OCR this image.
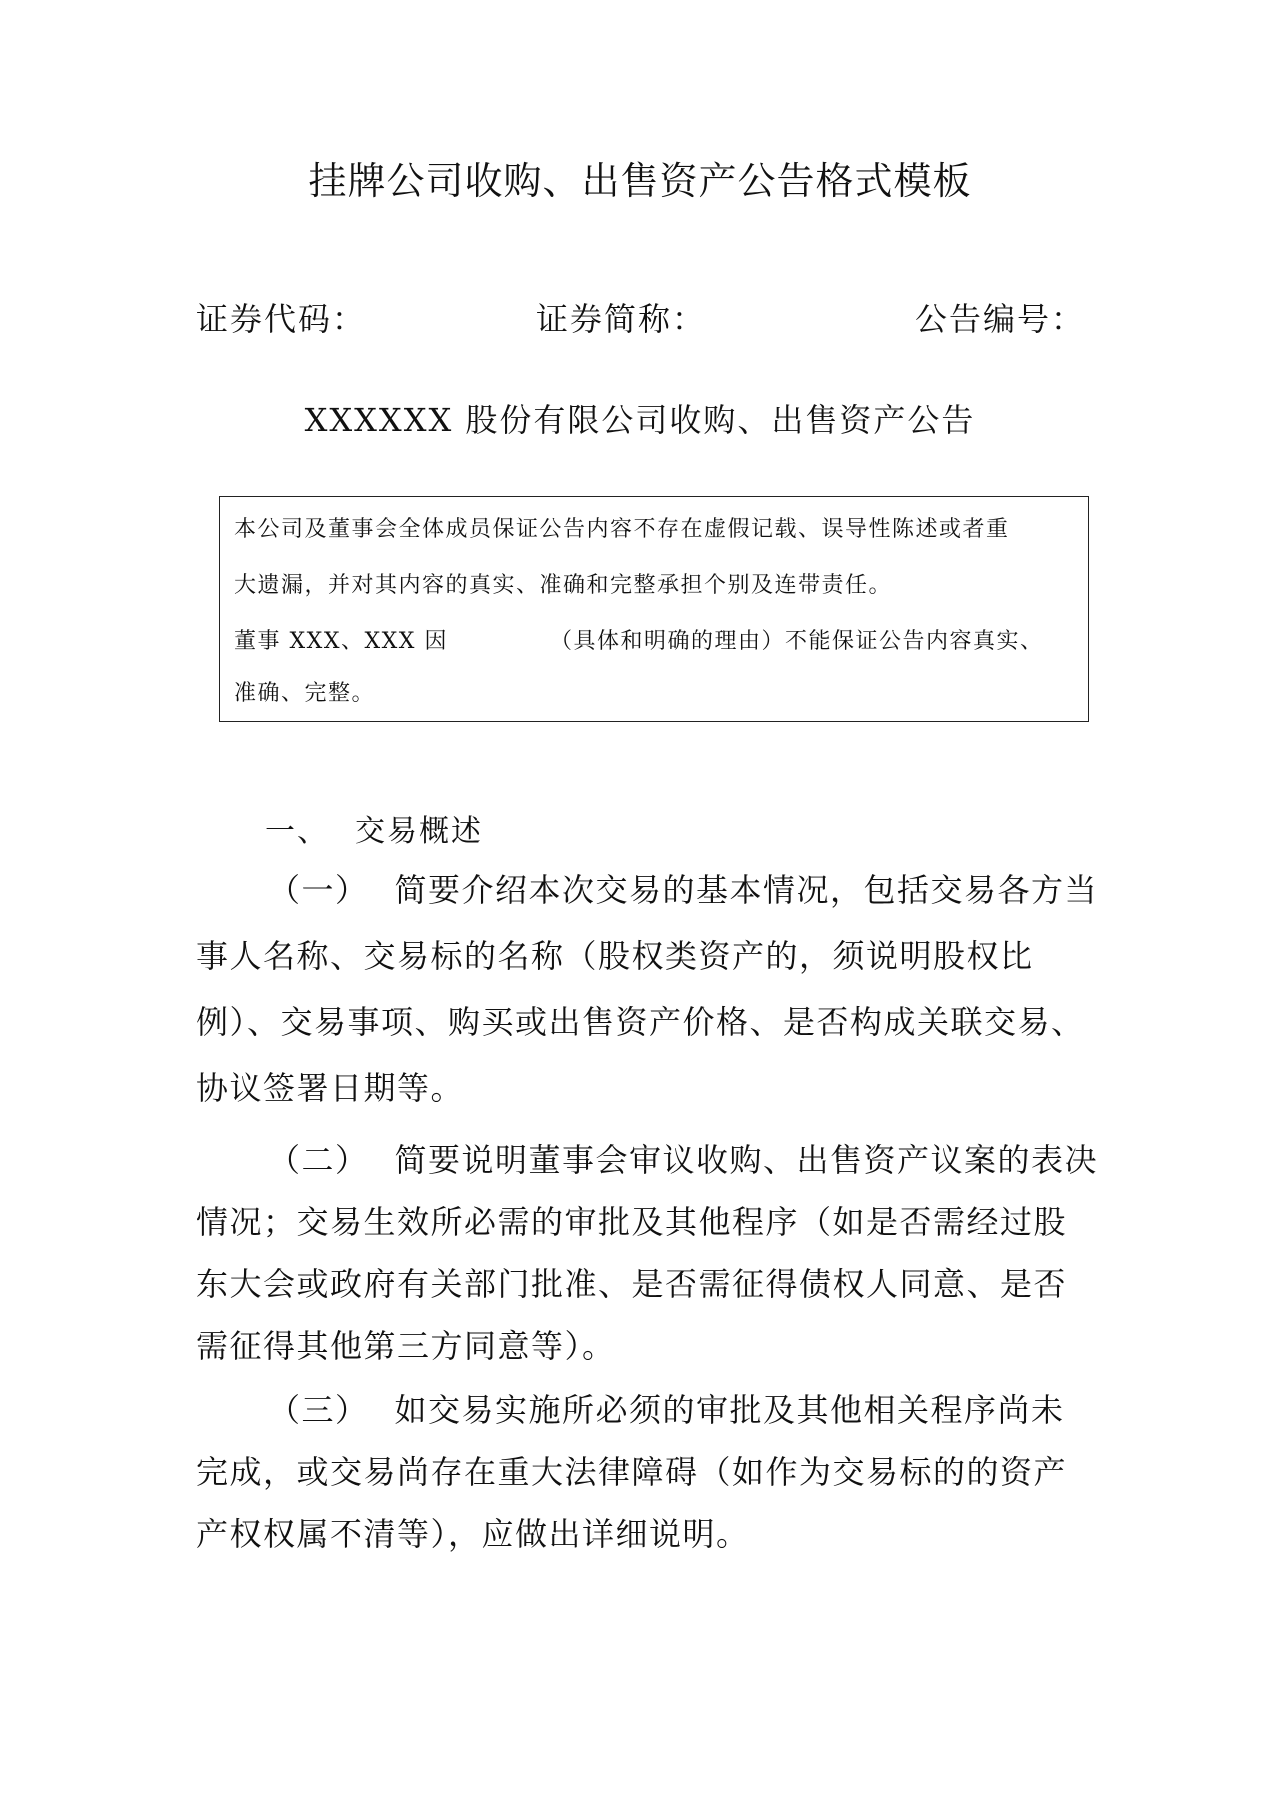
挂牌公司收购、出售资产公告格式模板
证券代码：	证券简称：	公告编号：
XXXXXX 股份有限公司收购、出售资产公告
本公司及董事会全体成员保证公告内容不存在虚假记载、误导性陈述或者重
大遗漏，并对其内容的真实、准确和完整承担个别及连带责任。
董事 XXX、XXX 因	（具体和明确的理由）不能保证公告内容真实、
准确、完整。
一、 交易概述
（一） 简要介绍本次交易的基本情况，包括交易各方当
事人名称、交易标的名称（股权类资产的，须说明股权比
例）、交易事项、购买或出售资产价格、是否构成关联交易、
协议签署日期等。
（二） 简要说明董事会审议收购、出售资产议案的表决
情况；交易生效所必需的审批及其他程序（如是否需经过股
东大会或政府有关部门批准、是否需征得债权人同意、是否
需征得其他第三方同意等）。
（三） 如交易实施所必须的审批及其他相关程序尚未
完成，或交易尚存在重大法律障碍（如作为交易标的的资产
产权权属不清等），应做出详细说明。
